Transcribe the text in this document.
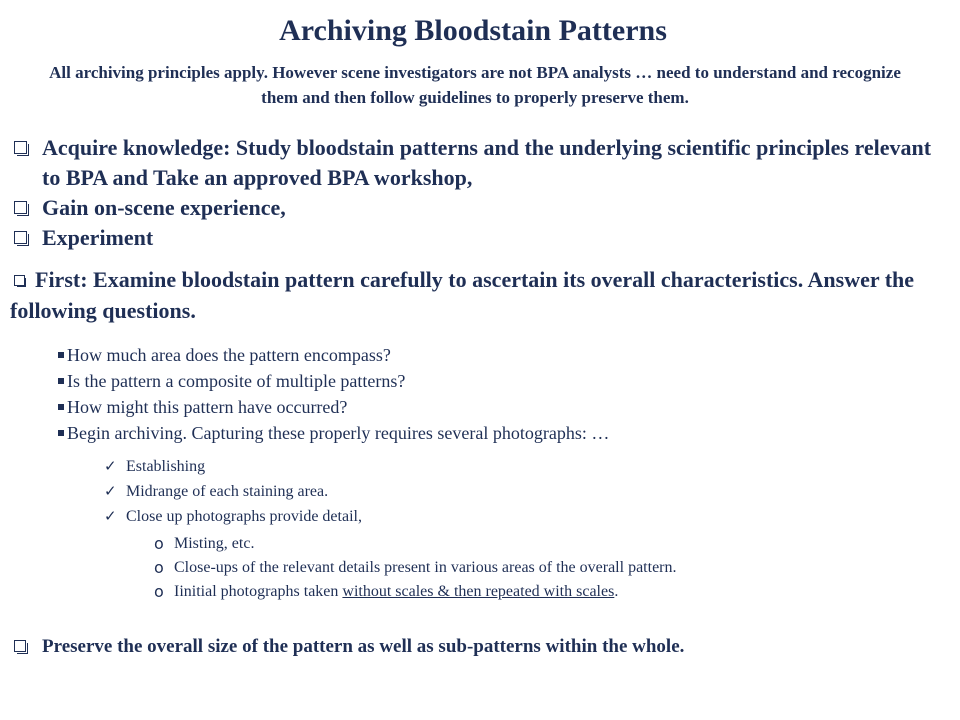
Archiving Bloodstain Patterns

All archiving principles apply. However scene investigators are not BPA analysts … need to understand and recognize them and then follow guidelines to properly preserve them.

Acquire knowledge: Study bloodstain patterns and the underlying scientific principles relevant to BPA and Take an approved BPA workshop,
Gain on-scene experience,
Experiment
First: Examine bloodstain pattern carefully to ascertain its overall characteristics. Answer the following questions.
How much area does the pattern encompass?
Is the pattern a composite of multiple patterns?
How might this pattern have occurred?
Begin archiving. Capturing these properly requires several photographs: …
✓ Establishing
✓ Midrange of each staining area.
✓ Close up photographs provide detail,
o Misting, etc.
o Close-ups of the relevant details present in various areas of the overall pattern.
o Iinitial photographs taken without scales & then repeated with scales.
Preserve the overall size of the pattern as well as sub-patterns within the whole.
